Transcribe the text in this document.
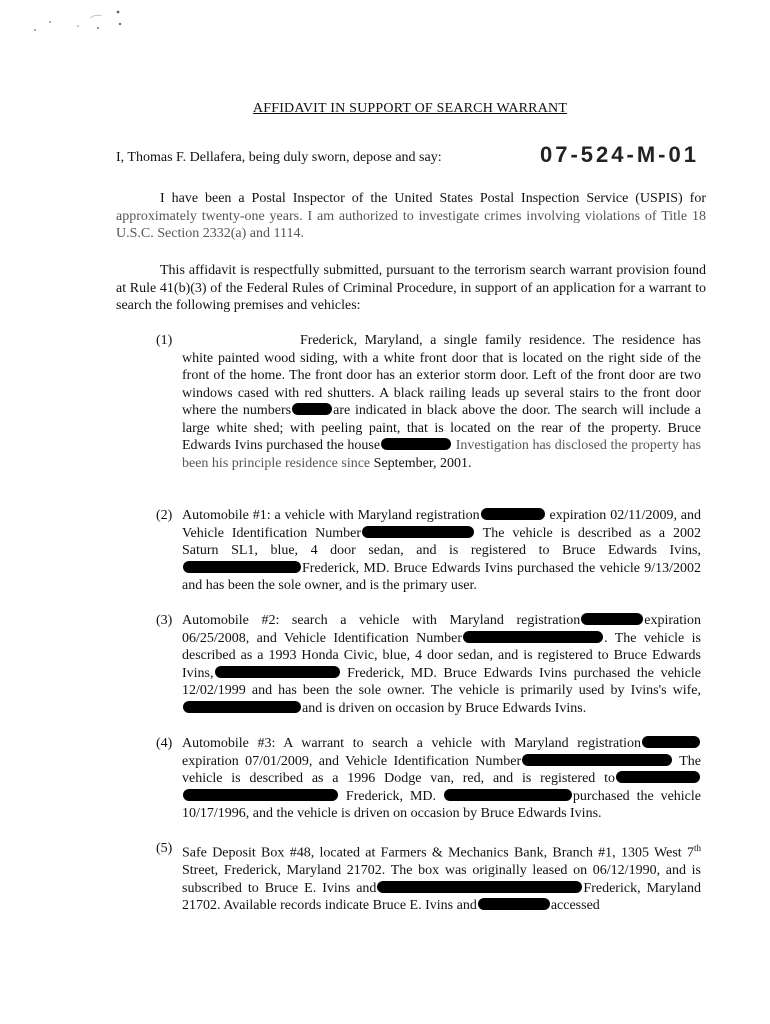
AFFIDAVIT IN SUPPORT OF SEARCH WARRANT
I, Thomas F. Dellafera, being duly sworn, depose and say:	07-524-M-01
I have been a Postal Inspector of the United States Postal Inspection Service (USPIS) for approximately twenty-one years. I am authorized to investigate crimes involving violations of Title 18 U.S.C. Section 2332(a) and 1114.
This affidavit is respectfully submitted, pursuant to the terrorism search warrant provision found at Rule 41(b)(3) of the Federal Rules of Criminal Procedure, in support of an application for a warrant to search the following premises and vehicles:
(1)	Frederick, Maryland, a single family residence. The residence has white painted wood siding, with a white front door that is located on the right side of the front of the home. The front door has an exterior storm door. Left of the front door are two windows cased with red shutters. A black railing leads up several stairs to the front door where the numbers	are indicated in black above the door. The search will include a large white shed; with peeling paint, that is located on the rear of the property. Bruce Edwards Ivins purchased the house	Investigation has disclosed the property has been his principle residence since September, 2001.
(2) Automobile #1: a vehicle with Maryland registration	expiration 02/11/2009, and Vehicle Identification Number	The vehicle is described as a 2002 Saturn SL1, blue, 4 door sedan, and is registered to Bruce Edwards Ivins,Frederick, MD. Bruce Edwards Ivins purchased the vehicle 9/13/2002 and has been the sole owner, and is the primary user.
(3) Automobile #2: search a vehicle with Maryland registration	expiration 06/25/2008, and Vehicle Identification Number	. The vehicle is described as a 1993 Honda Civic, blue, 4 door sedan, and is registered to Bruce Edwards Ivins,	Frederick, MD. Bruce Edwards Ivins purchased the vehicle 12/02/1999 and has been the sole owner. The vehicle is primarily used by Ivins's wife,and is driven on occasion by Bruce Edwards Ivins.
(4) Automobile #3: A warrant to search a vehicle with Maryland registration expiration 07/01/2009, and Vehicle Identification Number	The vehicle is described as a 1996 Dodge van, red, and is registered to  Frederick, MD.	purchased the vehicle 10/17/1996, and the vehicle is driven on occasion by Bruce Edwards Ivins.
(5) Safe Deposit Box #48, located at Farmers & Mechanics Bank, Branch #1, 1305 West 7th Street, Frederick, Maryland 21702. The box was originally leased on 06/12/1990, and is subscribed to Bruce E. Ivins and	Frederick, Maryland 21702. Available records indicate Bruce E. Ivins and	accessed
